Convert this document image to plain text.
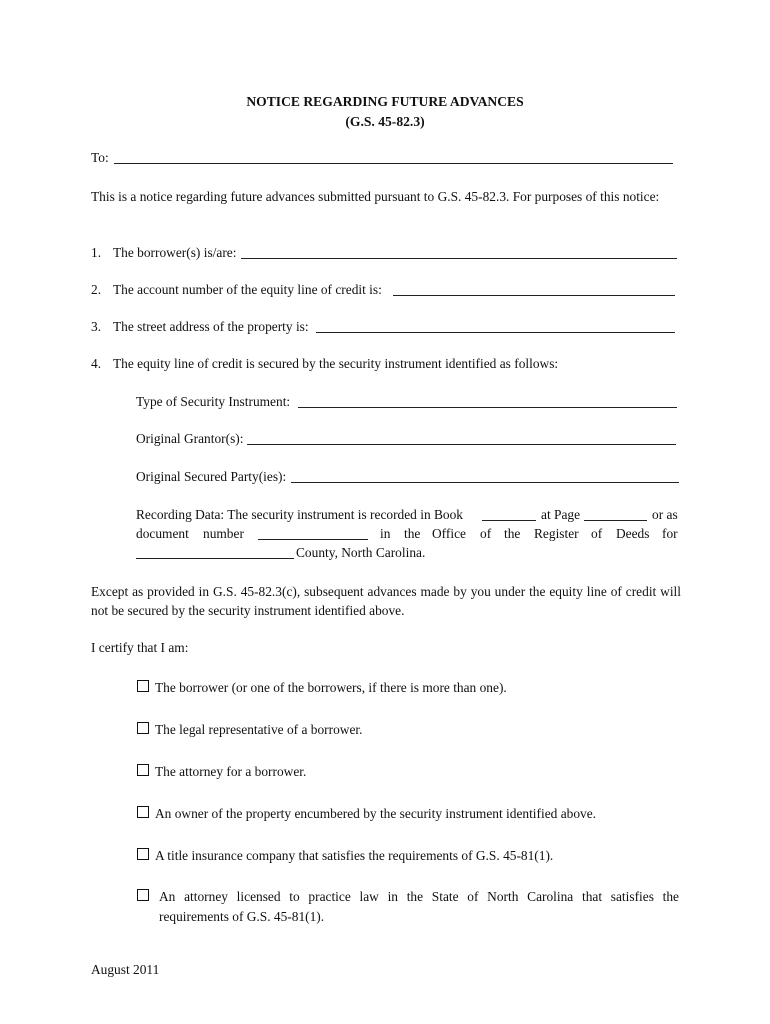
NOTICE REGARDING FUTURE ADVANCES
(G.S. 45-82.3)
To:
This is a notice regarding future advances submitted pursuant to G.S. 45-82.3. For purposes of this notice:
1. The borrower(s) is/are:
2. The account number of the equity line of credit is:
3. The street address of the property is:
4. The equity line of credit is secured by the security instrument identified as follows:
Type of Security Instrument:
Original Grantor(s):
Original Secured Party(ies):
Recording Data: The security instrument is recorded in Book	at Page	or as
document number	in the Office of the Register of Deeds for
County, North Carolina.
Except as provided in G.S. 45-82.3(c), subsequent advances made by you under the equity line of credit will not be secured by the security instrument identified above.
I certify that I am:
The borrower (or one of the borrowers, if there is more than one).
The legal representative of a borrower.
The attorney for a borrower.
An owner of the property encumbered by the security instrument identified above.
A title insurance company that satisfies the requirements of G.S. 45-81(1).
An attorney licensed to practice law in the State of North Carolina that satisfies the
requirements of G.S. 45-81(1).
August 2011
